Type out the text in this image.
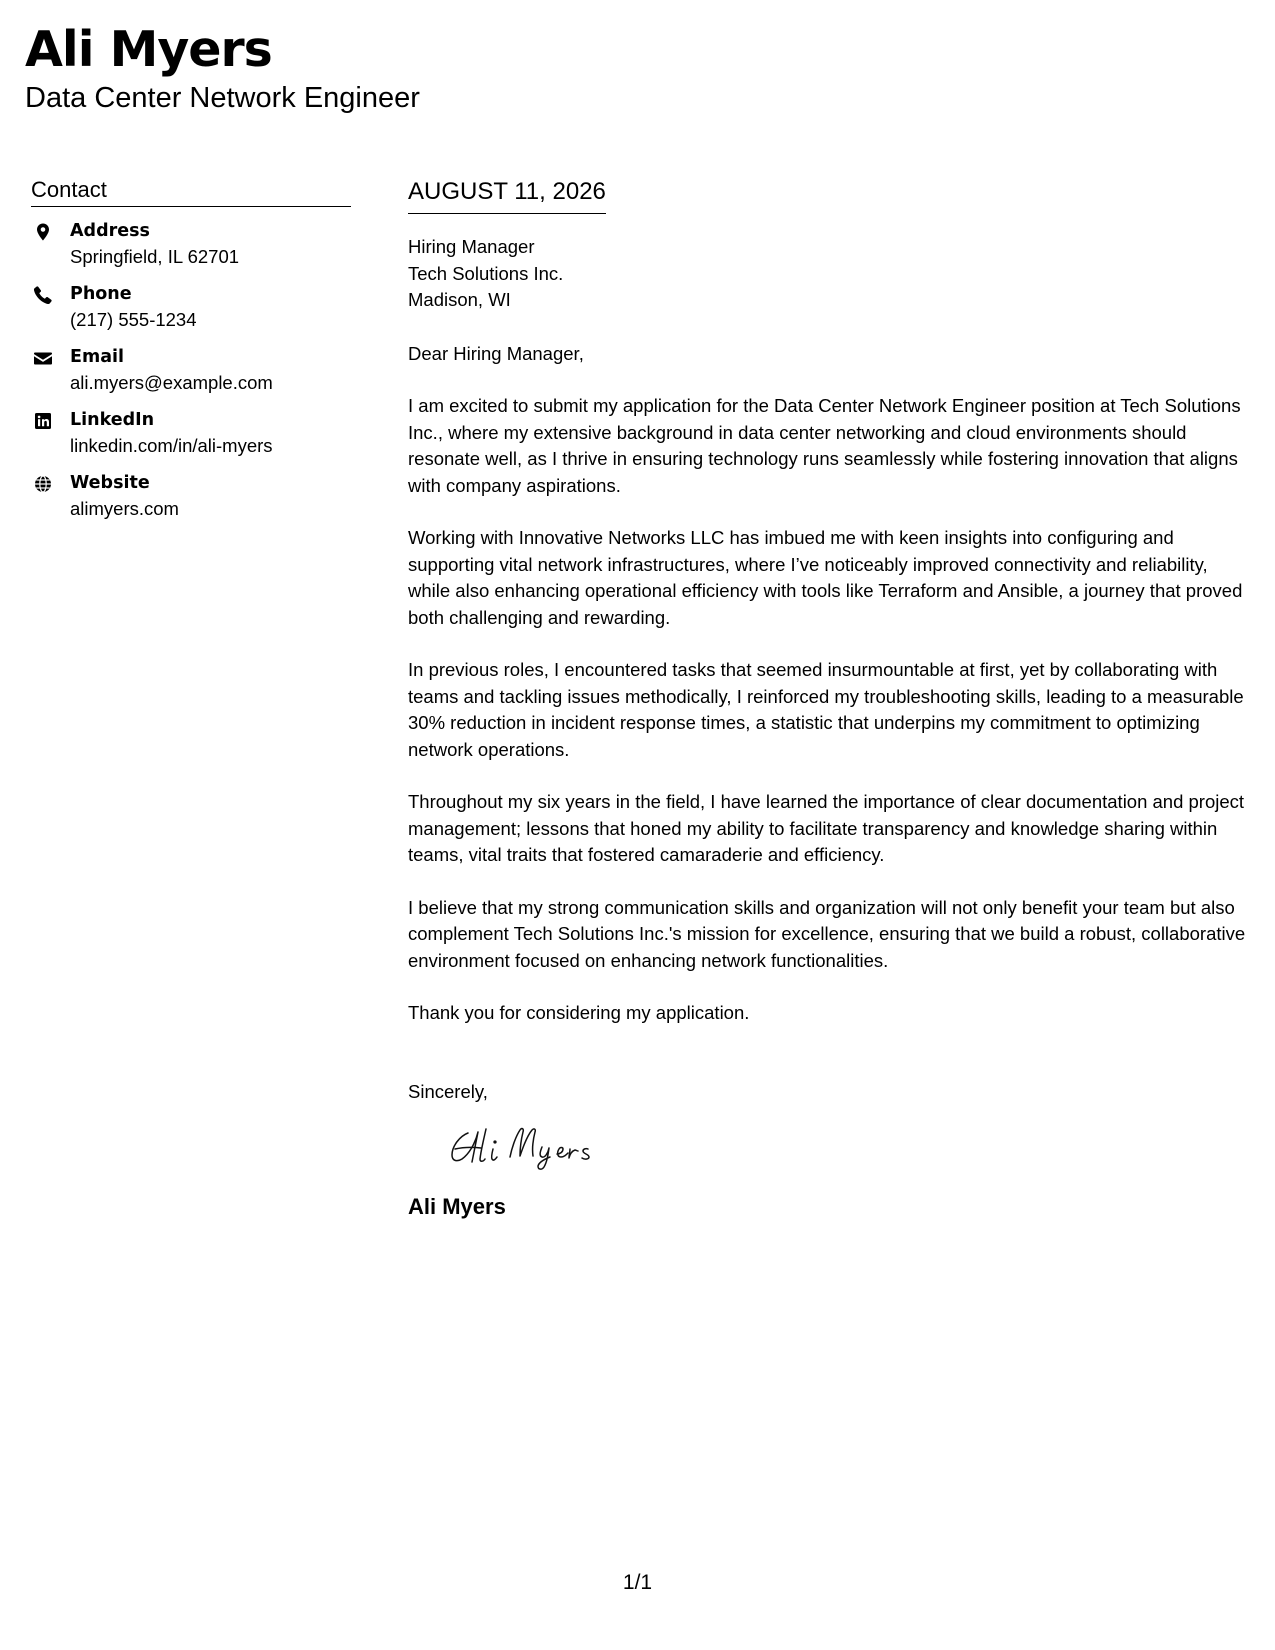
Ali Myers
Data Center Network Engineer
Contact
Address
Springfield, IL 62701
Phone
(217) 555-1234
Email
ali.myers@example.com
LinkedIn
linkedin.com/in/ali-myers
Website
alimyers.com
AUGUST 11, 2026
Hiring Manager
Tech Solutions Inc.
Madison, WI
Dear Hiring Manager,
I am excited to submit my application for the Data Center Network Engineer position at Tech Solutions Inc., where my extensive background in data center networking and cloud environments should resonate well, as I thrive in ensuring technology runs seamlessly while fostering innovation that aligns with company aspirations.
Working with Innovative Networks LLC has imbued me with keen insights into configuring and supporting vital network infrastructures, where I’ve noticeably improved connectivity and reliability, while also enhancing operational efficiency with tools like Terraform and Ansible, a journey that proved both challenging and rewarding.
In previous roles, I encountered tasks that seemed insurmountable at first, yet by collaborating with teams and tackling issues methodically, I reinforced my troubleshooting skills, leading to a measurable 30% reduction in incident response times, a statistic that underpins my commitment to optimizing network operations.
Throughout my six years in the field, I have learned the importance of clear documentation and project management; lessons that honed my ability to facilitate transparency and knowledge sharing within teams, vital traits that fostered camaraderie and efficiency.
I believe that my strong communication skills and organization will not only benefit your team but also complement Tech Solutions Inc.'s mission for excellence, ensuring that we build a robust, collaborative environment focused on enhancing network functionalities.
Thank you for considering my application.
Sincerely,
Ali Myers
1/1
